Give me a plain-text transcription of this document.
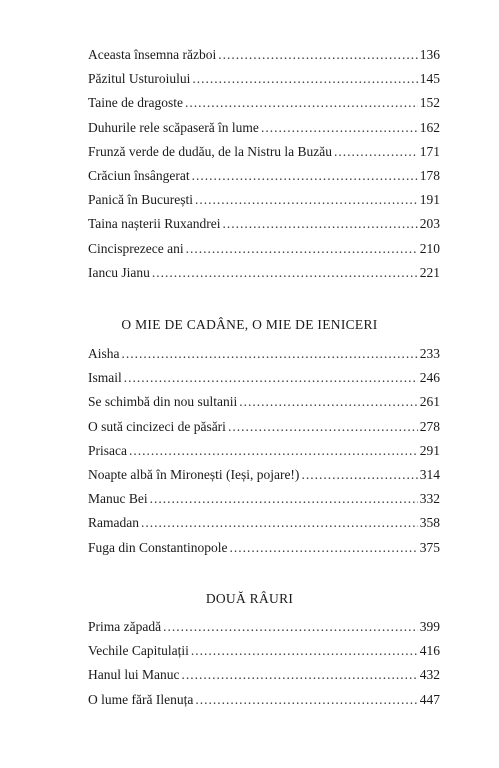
Aceasta însemna război .....	136
Păzitul Usturoiului .....	145
Taine de dragoste .....	152
Duhurile rele scăpaseră în lume .....	162
Frunză verde de dudău, de la Nistru la Buzău .....	171
Crăciun însângerat .....	178
Panică în București .....	191
Taina nașterii Ruxandrei .....	203
Cincisprezece ani .....	210
Iancu Jianu .....	221
O MIE DE CADÂNE, O MIE DE IENICERI
Aisha .....	233
Ismail .....	246
Se schimbă din nou sultanii .....	261
O sută cincizeci de păsări .....	278
Prisaca .....	291
Noapte albă în Mironești (Ieși, pojare!) .....	314
Manuc Bei .....	332
Ramadan .....	358
Fuga din Constantinopole .....	375
DOUĂ RÂURI
Prima zăpadă .....	399
Vechile Capitulații .....	416
Hanul lui Manuc .....	432
O lume fără Ilenuța .....	447
